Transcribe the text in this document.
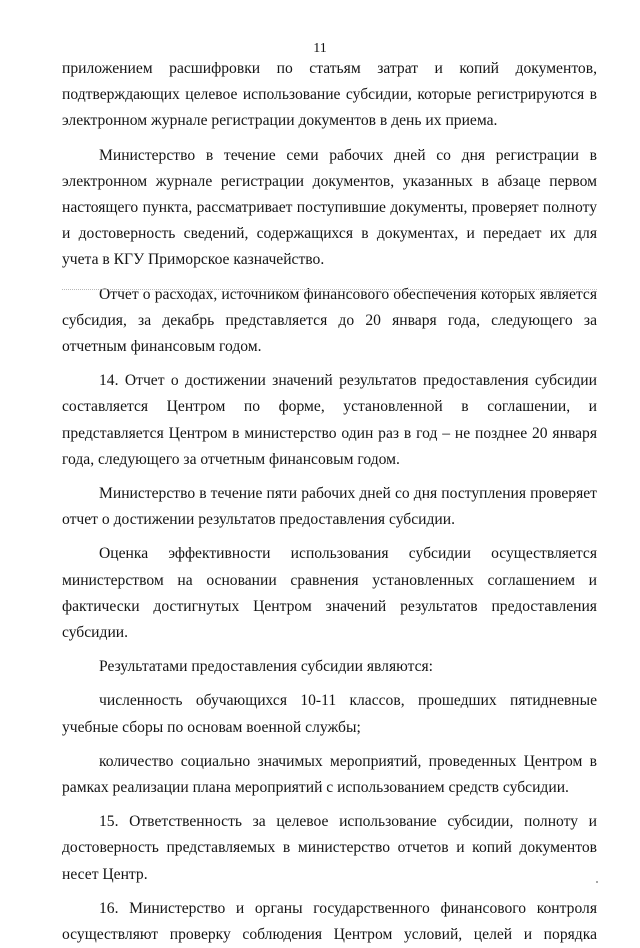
11

приложением расшифровки по статьям затрат и копий документов, подтверждающих целевое использование субсидии, которые регистрируются в электронном журнале регистрации документов в день их приема.

Министерство в течение семи рабочих дней со дня регистрации в электронном журнале регистрации документов, указанных в абзаце первом настоящего пункта, рассматривает поступившие документы, проверяет полноту и достоверность сведений, содержащихся в документах, и передает их для учета в КГУ Приморское казначейство.

Отчет о расходах, источником финансового обеспечения которых является субсидия, за декабрь представляется до 20 января года, следующего за отчетным финансовым годом.

14. Отчет о достижении значений результатов предоставления субсидии составляется Центром по форме, установленной в соглашении, и представляется Центром в министерство один раз в год – не позднее 20 января года, следующего за отчетным финансовым годом.

Министерство в течение пяти рабочих дней со дня поступления проверяет отчет о достижении результатов предоставления субсидии.

Оценка эффективности использования субсидии осуществляется министерством на основании сравнения установленных соглашением и фактически достигнутых Центром значений результатов предоставления субсидии.

Результатами предоставления субсидии являются:

численность обучающихся 10-11 классов, прошедших пятидневные учебные сборы по основам военной службы;

количество социально значимых мероприятий, проведенных Центром в рамках реализации плана мероприятий с использованием средств субсидии.

15. Ответственность за целевое использование субсидии, полноту и достоверность представляемых в министерство отчетов и копий документов несет Центр.

16. Министерство и органы государственного финансового контроля осуществляют проверку соблюдения Центром условий, целей и порядка
